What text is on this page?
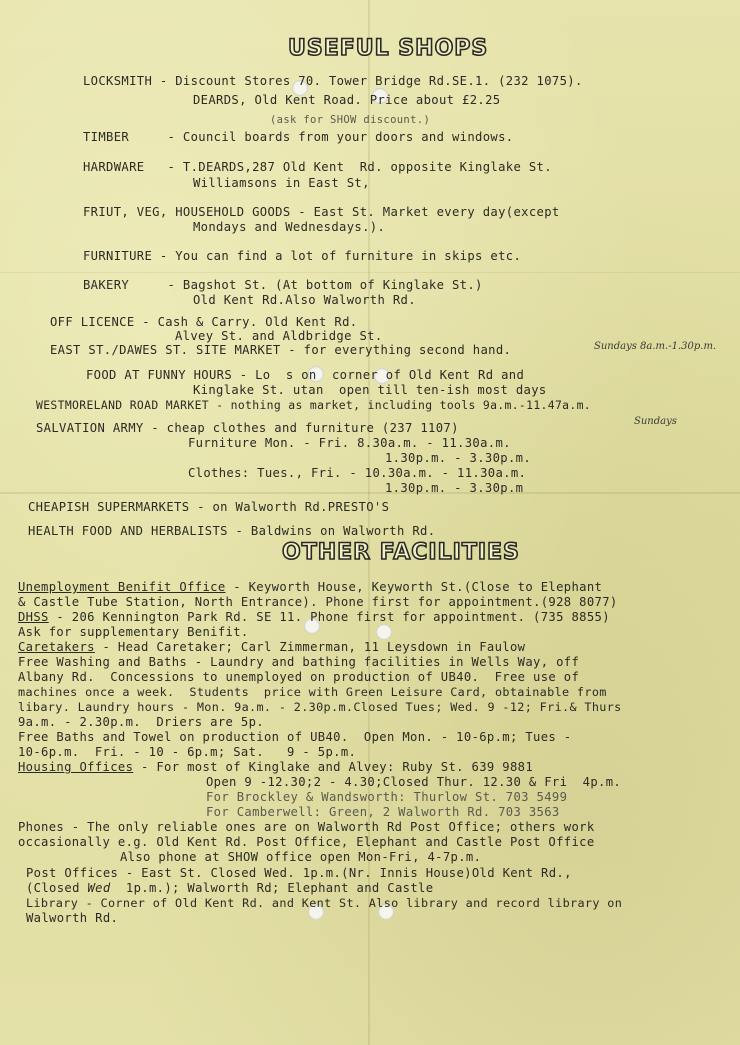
USEFUL SHOPS
LOCKSMITH - Discount Stores 70. Tower Bridge Rd.SE.1. (232 1075).
DEARDS, Old Kent Road. Price about £2.25
(ask for SHOW discount.)
TIMBER     - Council boards from your doors and windows.
HARDWARE   - T.DEARDS,287 Old Kent  Rd. opposite Kinglake St.
Williamsons in East St,
FRIUT, VEG, HOUSEHOLD GOODS - East St. Market every day(except
Mondays and Wednesdays.).
FURNITURE - You can find a lot of furniture in skips etc.
BAKERY     - Bagshot St. (At bottom of Kinglake St.)
Old Kent Rd.Also Walworth Rd.
OFF LICENCE - Cash & Carry. Old Kent Rd.
Alvey St. and Aldbridge St.
EAST ST./DAWES ST. SITE MARKET - for everything second hand.	Sundays 8a.m.-1.30p.m.
FOOD AT FUNNY HOURS - Lo  s on  corner of Old Kent Rd and
Kinglake St. utan  open till ten-ish most days
WESTMORELAND ROAD MARKET - nothing as market, including tools 9a.m.-11.47a.m.
Sundays
SALVATION ARMY - cheap clothes and furniture (237 1107)
Furniture Mon. - Fri. 8.30a.m. - 11.30a.m.
1.30p.m. - 3.30p.m.
Clothes: Tues., Fri. - 10.30a.m. - 11.30a.m.
1.30p.m. - 3.30p.m
CHEAPISH SUPERMARKETS - on Walworth Rd.PRESTO'S
HEALTH FOOD AND HERBALISTS - Baldwins on Walworth Rd.
OTHER FACILITIES
Unemployment Benifit Office - Keyworth House, Keyworth St.(Close to Elephant
& Castle Tube Station, North Entrance). Phone first for appointment.(928 8077)
DHSS - 206 Kennington Park Rd. SE 11. Phone first for appointment. (735 8855)
Ask for supplementary Benifit.
Caretakers - Head Caretaker; Carl Zimmerman, 11 Leysdown in Faulow
Free Washing and Baths - Laundry and bathing facilities in Wells Way, off
Albany Rd.  Concessions to unemployed on production of UB40.  Free use of
machines once a week.  Students  price with Green Leisure Card, obtainable from
libary. Laundry hours - Mon. 9a.m. - 2.30p.m.Closed Tues; Wed. 9 -12; Fri.& Thurs
9a.m. - 2.30p.m.  Driers are 5p.
Free Baths and Towel on production of UB40.  Open Mon. - 10-6p.m; Tues -
10-6p.m.  Fri. - 10 - 6p.m; Sat.   9 - 5p.m.
Housing Offices - For most of Kinglake and Alvey: Ruby St. 639 9881
Open 9 -12.30;2 - 4.30;Closed Thur. 12.30 & Fri  4p.m.
For Brockley & Wandsworth: Thurlow St. 703 5499
For Camberwell: Green, 2 Walworth Rd. 703 3563
Phones - The only reliable ones are on Walworth Rd Post Office; others work
occasionally e.g. Old Kent Rd. Post Office, Elephant and Castle Post Office
Also phone at SHOW office open Mon-Fri, 4-7p.m.
Post Offices - East St. Closed Wed. 1p.m.(Nr. Innis House)Old Kent Rd.,
(Closed Wed  1p.m.); Walworth Rd; Elephant and Castle
Library - Corner of Old Kent Rd. and Kent St. Also library and record library on
Walworth Rd.
